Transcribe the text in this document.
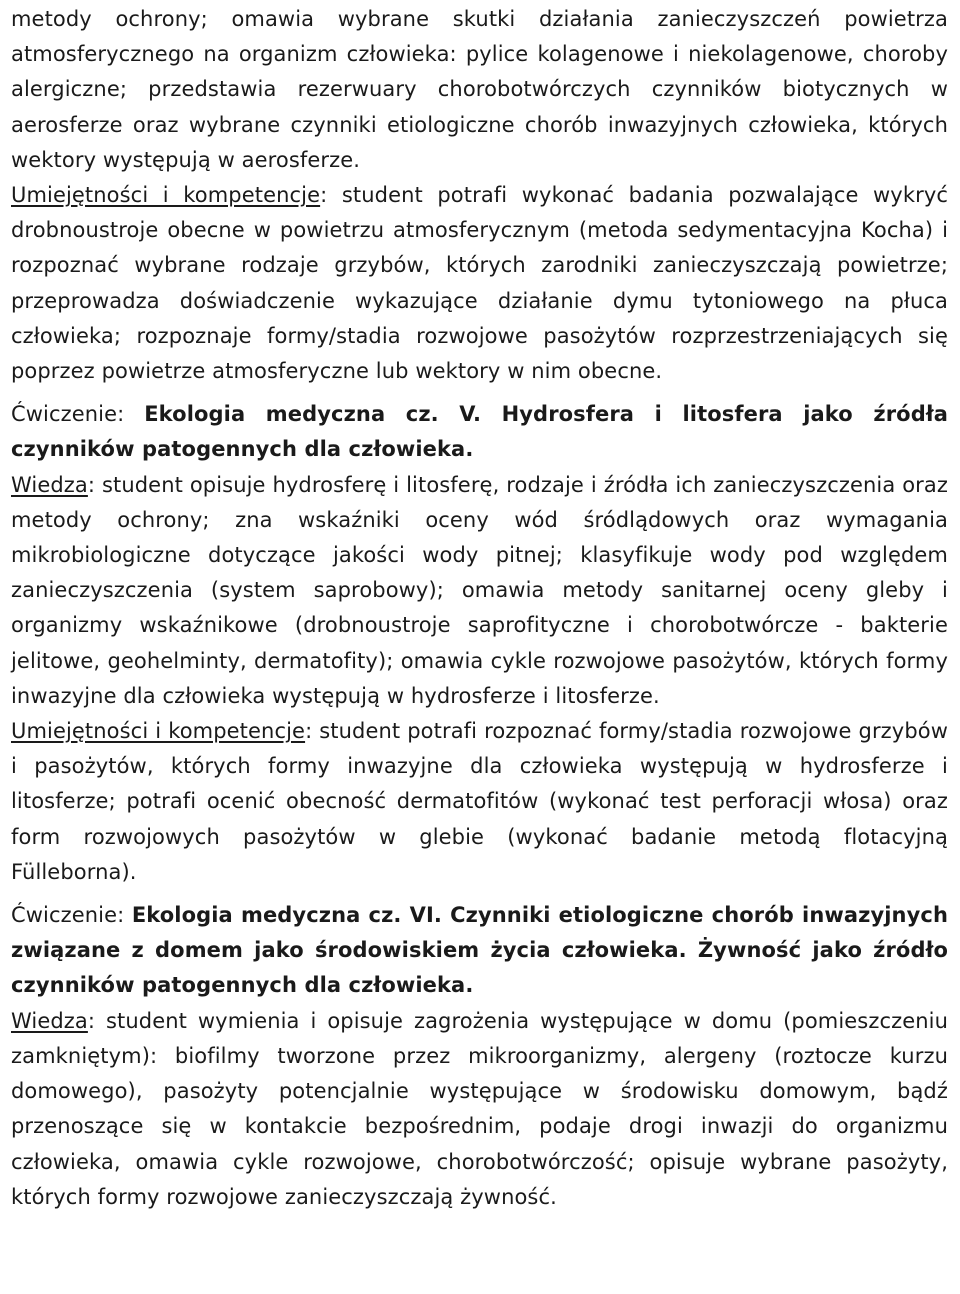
metody ochrony; omawia wybrane skutki działania zanieczyszczeń powietrza atmosferycznego na organizm człowieka: pylice kolagenowe i niekolagenowe, choroby alergiczne; przedstawia rezerwuary chorobotwórczych czynników biotycznych w aerosferze oraz wybrane czynniki etiologiczne chorób inwazyjnych człowieka, których wektory występują w aerosferze.

Umiejętności i kompetencje: student potrafi wykonać badania pozwalające wykryć drobnoustroje obecne w powietrzu atmosferycznym (metoda sedymentacyjna Kocha) i rozpoznać wybrane rodzaje grzybów, których zarodniki zanieczyszczają powietrze; przeprowadza doświadczenie wykazujące działanie dymu tytoniowego na płuca człowieka; rozpoznaje formy/stadia rozwojowe pasożytów rozprzestrzeniających się poprzez powietrze atmosferyczne lub wektory w nim obecne.

Ćwiczenie: Ekologia medyczna cz. V. Hydrosfera i litosfera jako źródła czynników patogennych dla człowieka.

Wiedza: student opisuje hydrosferę i litosferę, rodzaje i źródła ich zanieczyszczenia oraz metody ochrony; zna wskaźniki oceny wód śródlądowych oraz wymagania mikrobiologiczne dotyczące jakości wody pitnej; klasyfikuje wody pod względem zanieczyszczenia (system saprobowy); omawia metody sanitarnej oceny gleby i organizmy wskaźnikowe (drobnoustroje saprofityczne i chorobotwórcze - bakterie jelitowe, geohelminty, dermatofity); omawia cykle rozwojowe pasożytów, których formy inwazyjne dla człowieka występują w hydrosferze i litosferze.

Umiejętności i kompetencje: student potrafi rozpoznać formy/stadia rozwojowe grzybów i pasożytów, których formy inwazyjne dla człowieka występują w hydrosferze i litosferze; potrafi ocenić obecność dermatofitów (wykonać test perforacji włosa) oraz form rozwojowych pasożytów w glebie (wykonać badanie metodą flotacyjną Fülleborna).

Ćwiczenie: Ekologia medyczna cz. VI. Czynniki etiologiczne chorób inwazyjnych związane z domem jako środowiskiem życia człowieka. Żywność jako źródło czynników patogennych dla człowieka.

Wiedza: student wymienia i opisuje zagrożenia występujące w domu (pomieszczeniu zamkniętym): biofilmy tworzone przez mikroorganizmy, alergeny (roztocze kurzu domowego), pasożyty potencjalnie występujące w środowisku domowym, bądź przenoszące się w kontakcie bezpośrednim, podaje drogi inwazji do organizmu człowieka, omawia cykle rozwojowe, chorobotwórczość; opisuje wybrane pasożyty, których formy rozwojowe zanieczyszczają żywność.
